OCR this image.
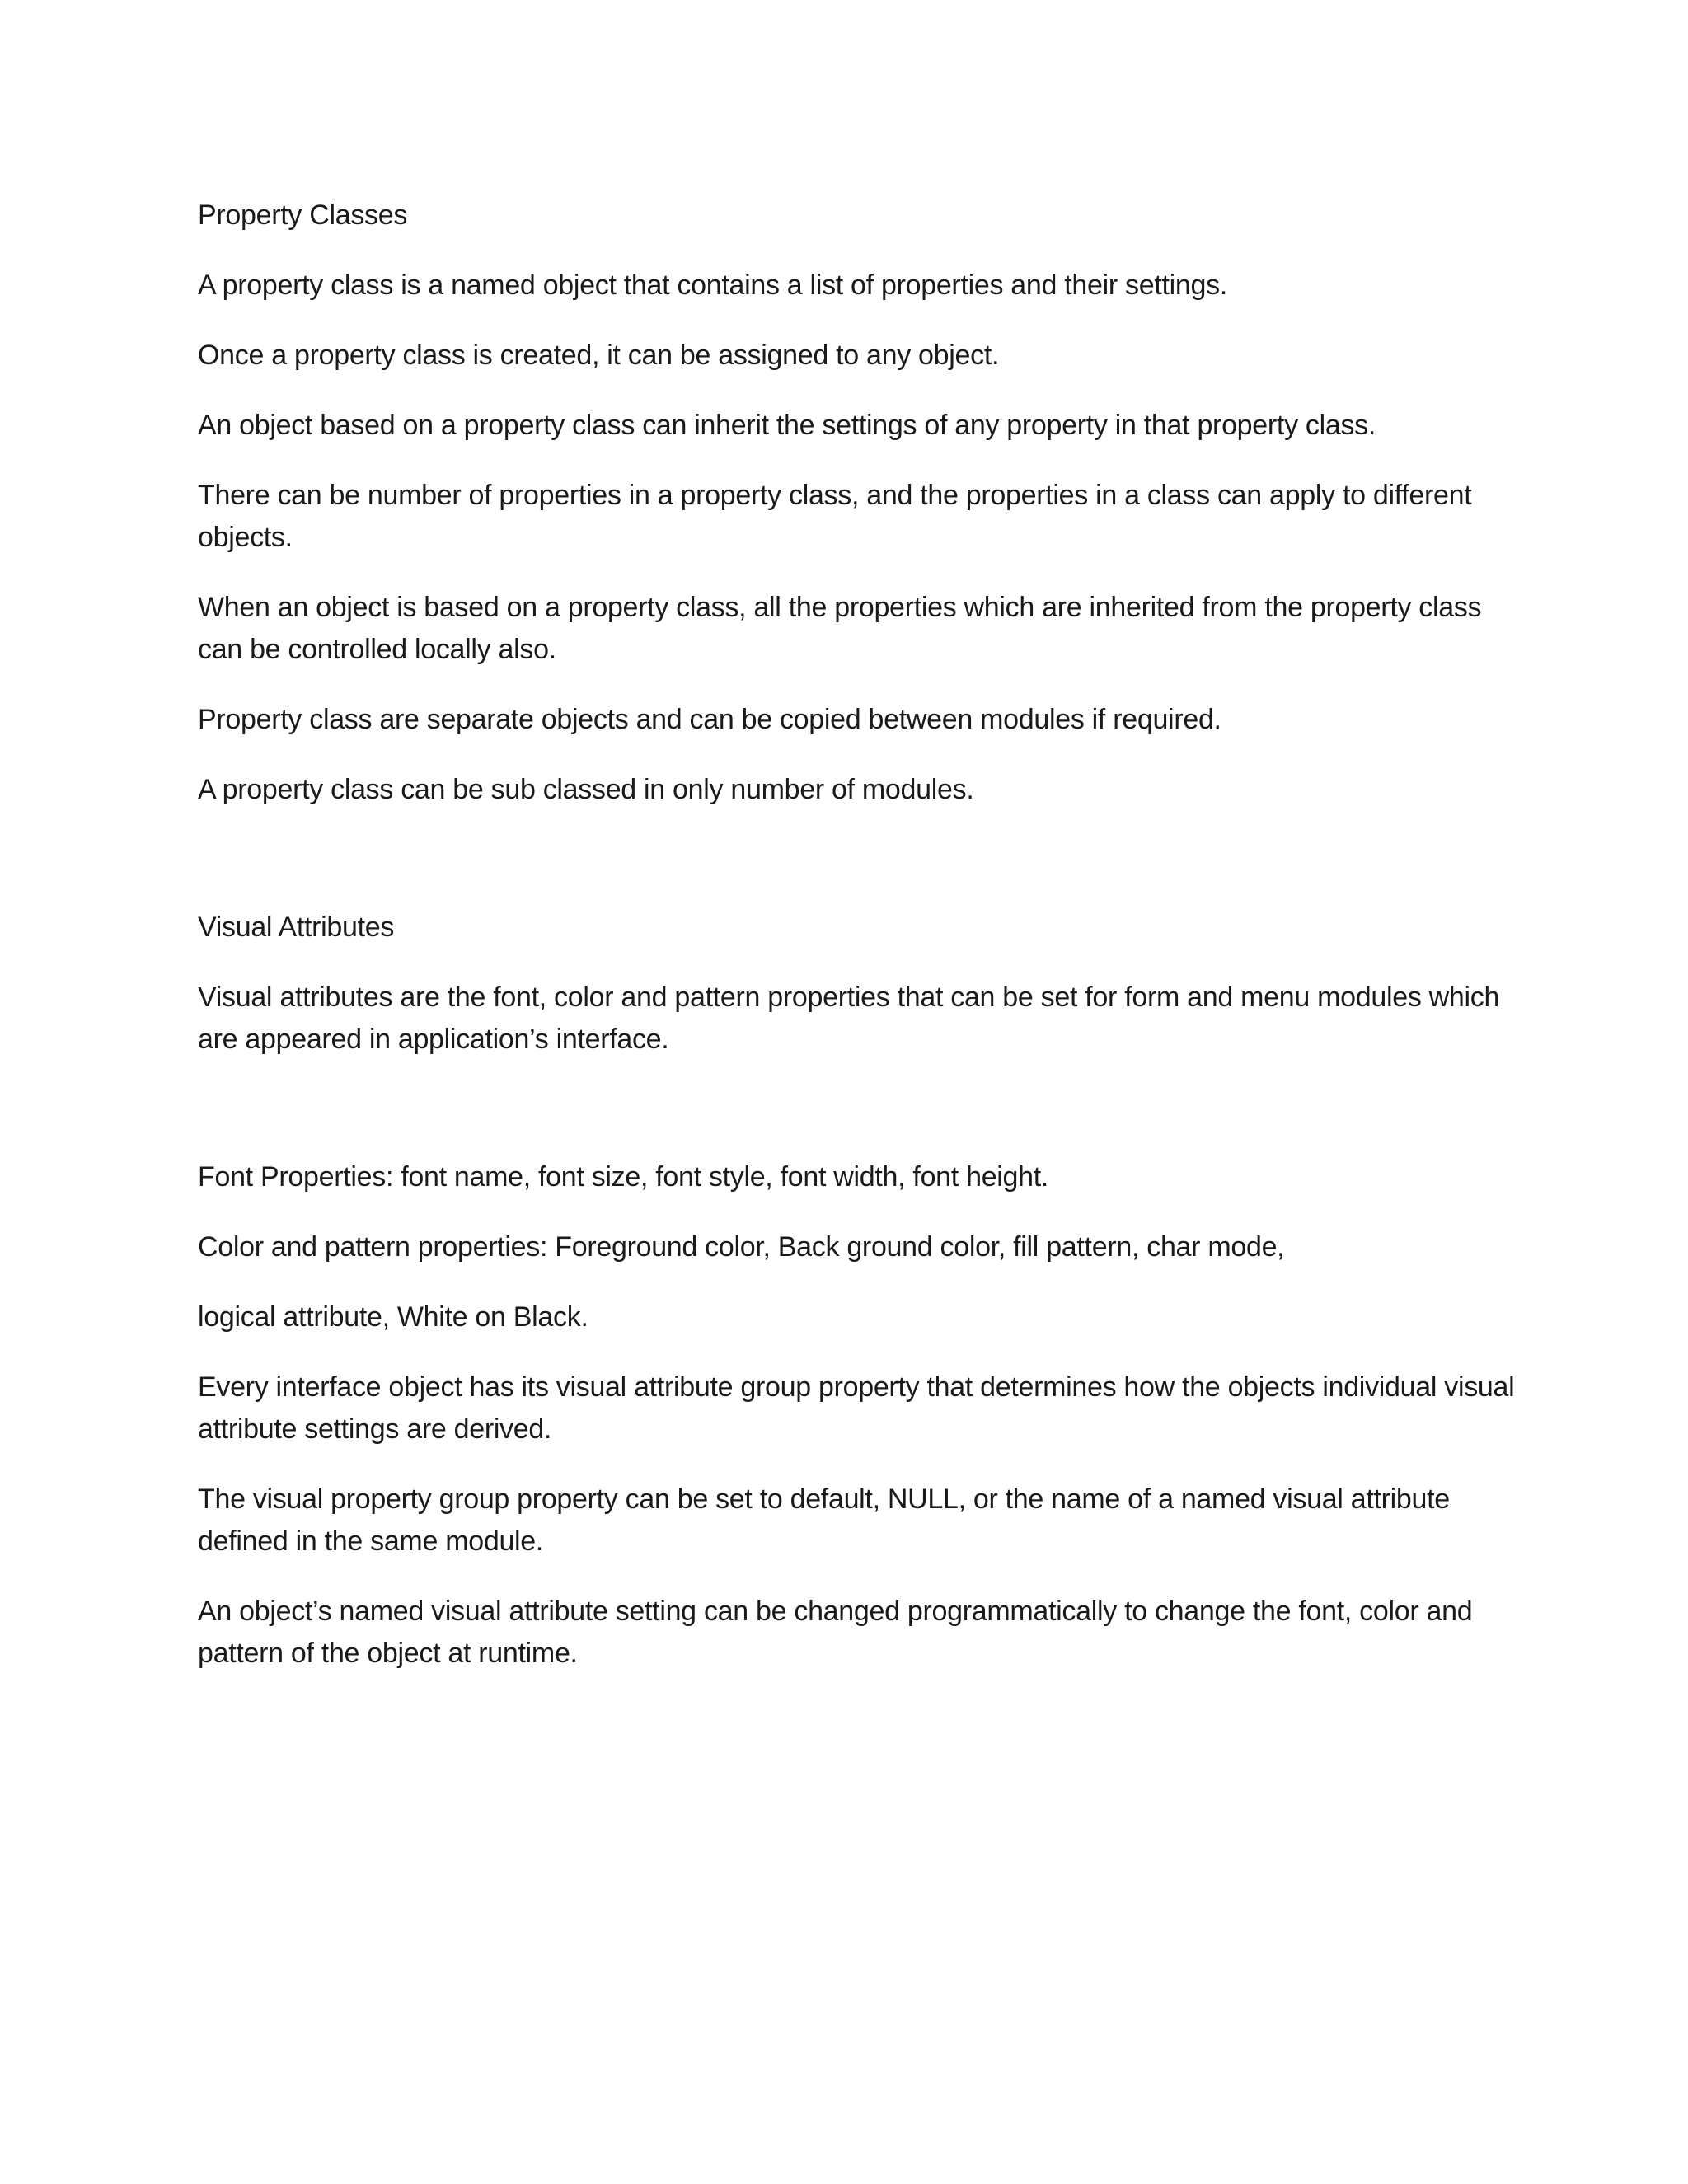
Property Classes

A property class is a named object that contains a list of properties and their settings.

Once a property class is created, it can be assigned to any object.

An object based on a property class can inherit the settings of any property in that property class.

There can be number of properties in a property class, and the properties in a class can apply to different objects.

When an object is based on a property class, all the properties which are inherited from the property class can be controlled locally also.

Property class are separate objects and can be copied between modules if required.

A property class can be sub classed in only number of modules.

Visual Attributes

Visual attributes are the font, color and pattern properties that can be set for form and menu modules which are appeared in application’s interface.

Font Properties: font name, font size, font style, font width, font height.

Color and pattern properties: Foreground color, Back ground color, fill pattern, char mode,

logical attribute, White on Black.

Every interface object has its visual attribute group property that determines how the objects individual visual attribute settings are derived.

The visual property group property can be set to default, NULL, or the name of a named visual attribute defined in the same module.

An object’s named visual attribute setting can be changed programmatically to change the font, color and pattern of the object at runtime.
